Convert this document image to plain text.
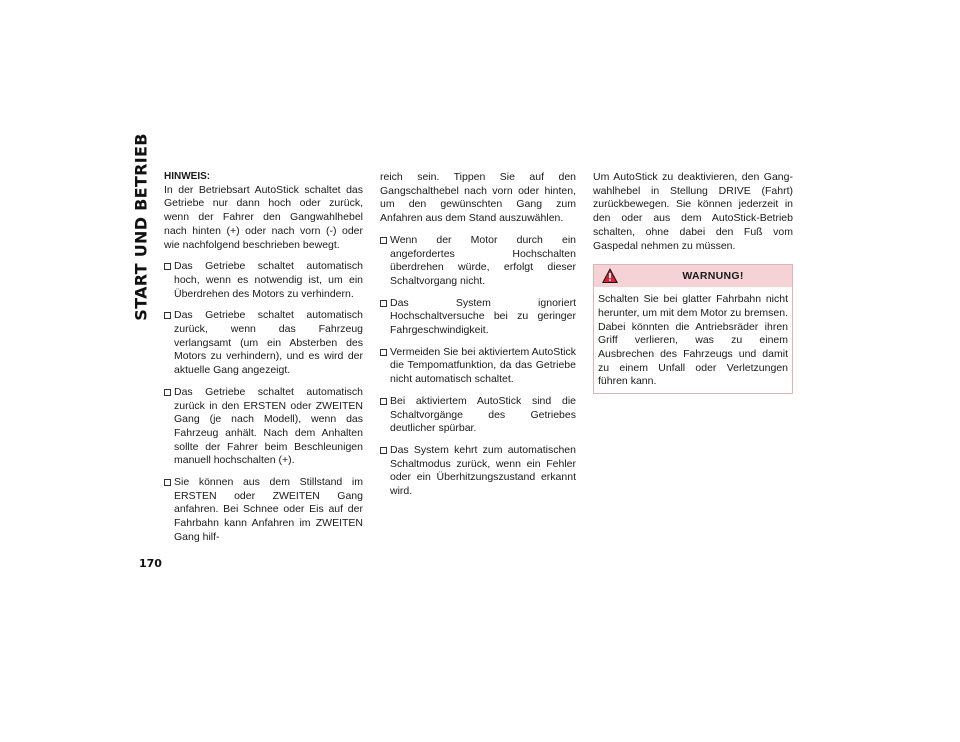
START UND BETRIEB
170

HINWEIS:

In der Betriebsart AutoStick schaltet das Getriebe nur dann hoch oder zurück, wenn der Fahrer den Gangwahlhebel nach hinten (+) oder nach vorn (-) oder wie nachfolgend beschrieben bewegt.

Das Getriebe schaltet automatisch hoch, wenn es notwendig ist, um ein Überdrehen des Motors zu verhindern.
Das Getriebe schaltet automatisch zurück, wenn das Fahrzeug verlangsamt (um ein Absterben des Motors zu verhindern), und es wird der aktuelle Gang angezeigt.
Das Getriebe schaltet automatisch zurück in den ERSTEN oder ZWEITEN Gang (je nach Modell), wenn das Fahrzeug anhält. Nach dem Anhalten sollte der Fahrer beim Beschleunigen manuell hochschalten (+).
Sie können aus dem Stillstand im ERSTEN oder ZWEITEN Gang anfahren. Bei Schnee oder Eis auf der Fahrbahn kann Anfahren im ZWEITEN Gang hilf-

reich sein. Tippen Sie auf den Gangschalthebel nach vorn oder hinten, um den gewünschten Gang zum Anfahren aus dem Stand auszuwählen.

Wenn der Motor durch ein angefordertes Hochschalten überdrehen würde, erfolgt dieser Schaltvorgang nicht.
Das System ignoriert Hochschaltversuche bei zu geringer Fahrgeschwindigkeit.
Vermeiden Sie bei aktiviertem AutoStick die Tempomatfunktion, da das Getriebe nicht automatisch schaltet.
Bei aktiviertem AutoStick sind die Schaltvorgänge des Getriebes deutlicher spürbar.
Das System kehrt zum automatischen Schaltmodus zurück, wenn ein Fehler oder ein Überhitzungszustand erkannt wird.

Um AutoStick zu deaktivieren, den Gangwahlhebel in Stellung DRIVE (Fahrt) zurückbewegen. Sie können jederzeit in den oder aus dem AutoStick-Betrieb schalten, ohne dabei den Fuß vom Gaspedal nehmen zu müssen.

WARNUNG!
Schalten Sie bei glatter Fahrbahn nicht herunter, um mit dem Motor zu bremsen. Dabei könnten die Antriebsräder ihren Griff verlieren, was zu einem Ausbrechen des Fahrzeugs und damit zu einem Unfall oder Verletzungen führen kann.
